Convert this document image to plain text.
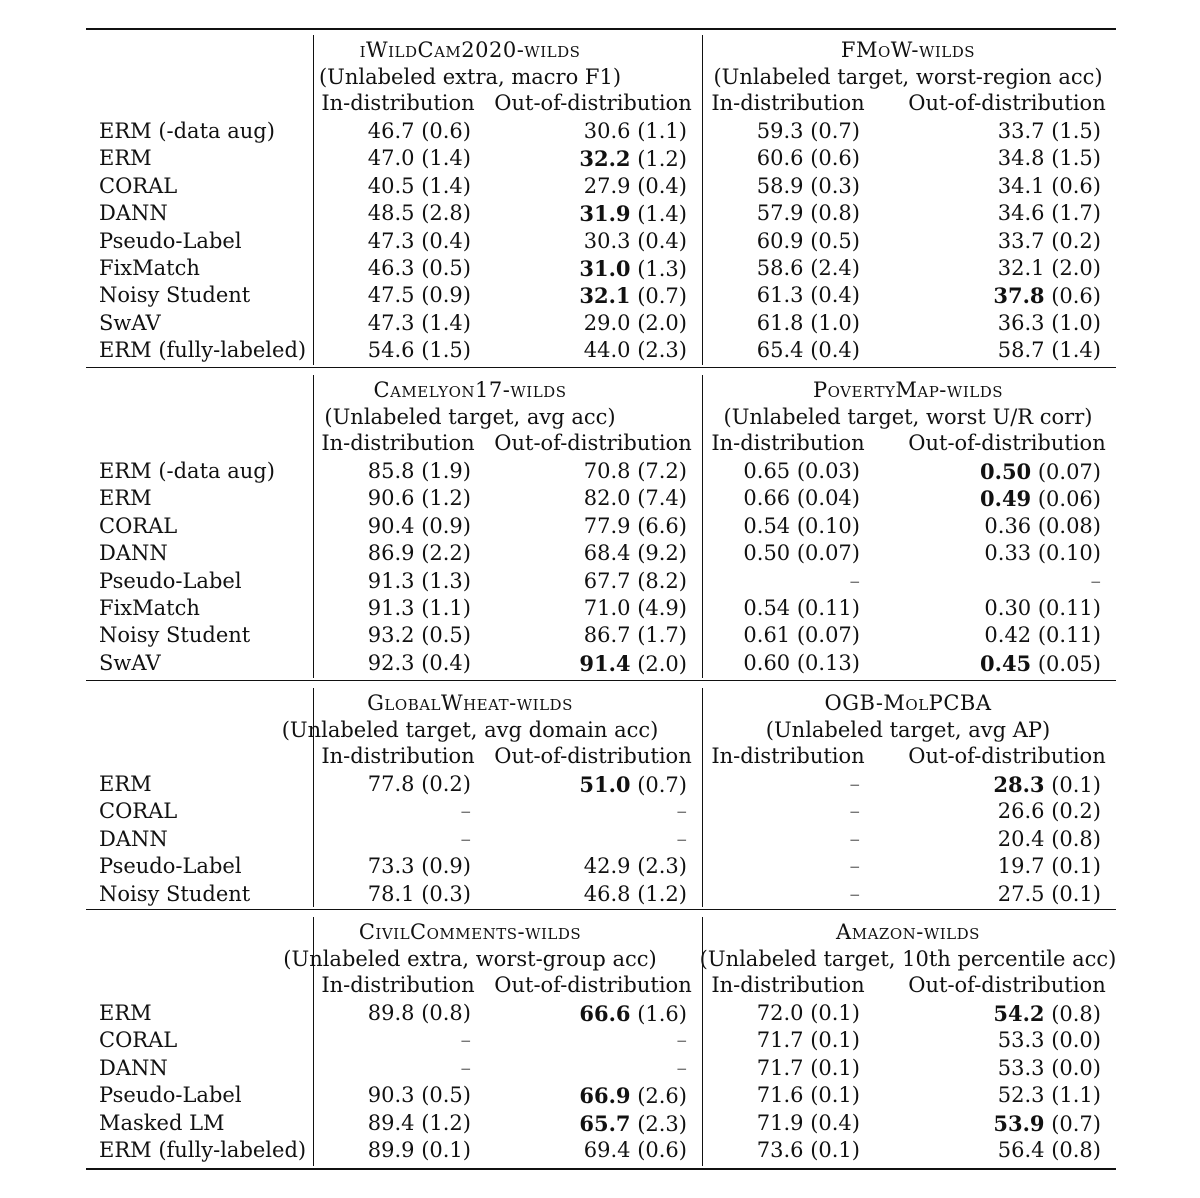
iWildCam2020-wilds
(Unlabeled extra, macro F1)
FMoW-wilds
(Unlabeled target, worst-region acc)
In-distribution Out-of-distribution In-distribution Out-of-distribution
ERM (-data aug)	46.7 (0.6)	30.6 (1.1)	59.3 (0.7)	33.7 (1.5)
ERM	47.0 (1.4)	32.2 (1.2)	60.6 (0.6)	34.8 (1.5)
CORAL	40.5 (1.4)	27.9 (0.4)	58.9 (0.3)	34.1 (0.6)
DANN	48.5 (2.8)	31.9 (1.4)	57.9 (0.8)	34.6 (1.7)
Pseudo-Label	47.3 (0.4)	30.3 (0.4)	60.9 (0.5)	33.7 (0.2)
FixMatch	46.3 (0.5)	31.0 (1.3)	58.6 (2.4)	32.1 (2.0)
Noisy Student	47.5 (0.9)	32.1 (0.7)	61.3 (0.4)	37.8 (0.6)
SwAV	47.3 (1.4)	29.0 (2.0)	61.8 (1.0)	36.3 (1.0)
ERM (fully-labeled)	54.6 (1.5)	44.0 (2.3)	65.4 (0.4)	58.7 (1.4)
Camelyon17-wilds
(Unlabeled target, avg acc)
PovertyMap-wilds
(Unlabeled target, worst U/R corr)
In-distribution Out-of-distribution In-distribution Out-of-distribution
ERM (-data aug)	85.8 (1.9)	70.8 (7.2)	0.65 (0.03)	0.50 (0.07)
ERM	90.6 (1.2)	82.0 (7.4)	0.66 (0.04)	0.49 (0.06)
CORAL	90.4 (0.9)	77.9 (6.6)	0.54 (0.10)	0.36 (0.08)
DANN	86.9 (2.2)	68.4 (9.2)	0.50 (0.07)	0.33 (0.10)
Pseudo-Label	91.3 (1.3)	67.7 (8.2)	–	–
FixMatch	91.3 (1.1)	71.0 (4.9)	0.54 (0.11)	0.30 (0.11)
Noisy Student	93.2 (0.5)	86.7 (1.7)	0.61 (0.07)	0.42 (0.11)
SwAV	92.3 (0.4)	91.4 (2.0)	0.60 (0.13)	0.45 (0.05)
GlobalWheat-wilds
(Unlabeled target, avg domain acc)
OGB-MolPCBA
(Unlabeled target, avg AP)
In-distribution Out-of-distribution In-distribution Out-of-distribution
ERM	77.8 (0.2)	51.0 (0.7)	–	28.3 (0.1)
CORAL	–	–	–	26.6 (0.2)
DANN	–	–	–	20.4 (0.8)
Pseudo-Label	73.3 (0.9)	42.9 (2.3)	–	19.7 (0.1)
Noisy Student	78.1 (0.3)	46.8 (1.2)	–	27.5 (0.1)
CivilComments-wilds
(Unlabeled extra, worst-group acc)
Amazon-wilds
(Unlabeled target, 10th percentile acc)
In-distribution Out-of-distribution In-distribution Out-of-distribution
ERM	89.8 (0.8)	66.6 (1.6)	72.0 (0.1)	54.2 (0.8)
CORAL	–	–	71.7 (0.1)	53.3 (0.0)
DANN	–	–	71.7 (0.1)	53.3 (0.0)
Pseudo-Label	90.3 (0.5)	66.9 (2.6)	71.6 (0.1)	52.3 (1.1)
Masked LM	89.4 (1.2)	65.7 (2.3)	71.9 (0.4)	53.9 (0.7)
ERM (fully-labeled)	89.9 (0.1)	69.4 (0.6)	73.6 (0.1)	56.4 (0.8)
